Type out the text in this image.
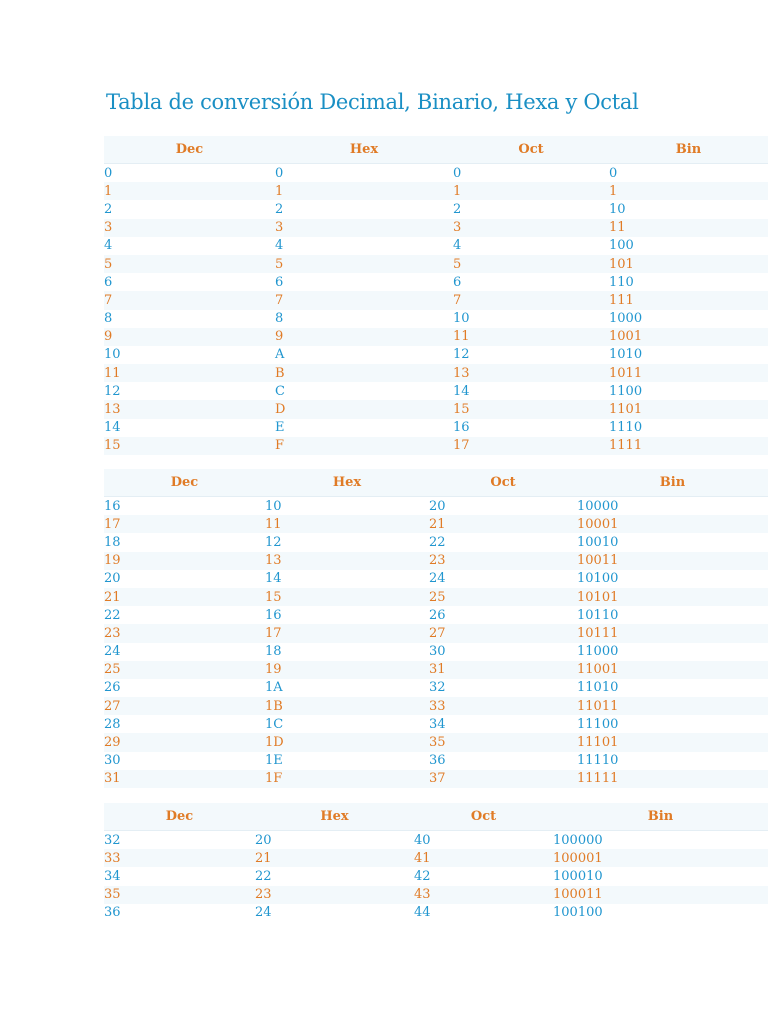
Tabla de conversión Decimal, Binario, Hexa y Octal
Dec	Hex	Oct	Bin
0	0	0	0
1	1	1	1
2	2	2	10
3	3	3	11
4	4	4	100
5	5	5	101
6	6	6	110
7	7	7	111
8	8	10	1000
9	9	11	1001
10	A	12	1010
11	B	13	1011
12	C	14	1100
13	D	15	1101
14	E	16	1110
15	F	17	1111
Dec	Hex	Oct	Bin
16	10	20	10000
17	11	21	10001
18	12	22	10010
19	13	23	10011
20	14	24	10100
21	15	25	10101
22	16	26	10110
23	17	27	10111
24	18	30	11000
25	19	31	11001
26	1A	32	11010
27	1B	33	11011
28	1C	34	11100
29	1D	35	11101
30	1E	36	11110
31	1F	37	11111
Dec	Hex	Oct	Bin
32	20	40	100000
33	21	41	100001
34	22	42	100010
35	23	43	100011
36	24	44	100100
